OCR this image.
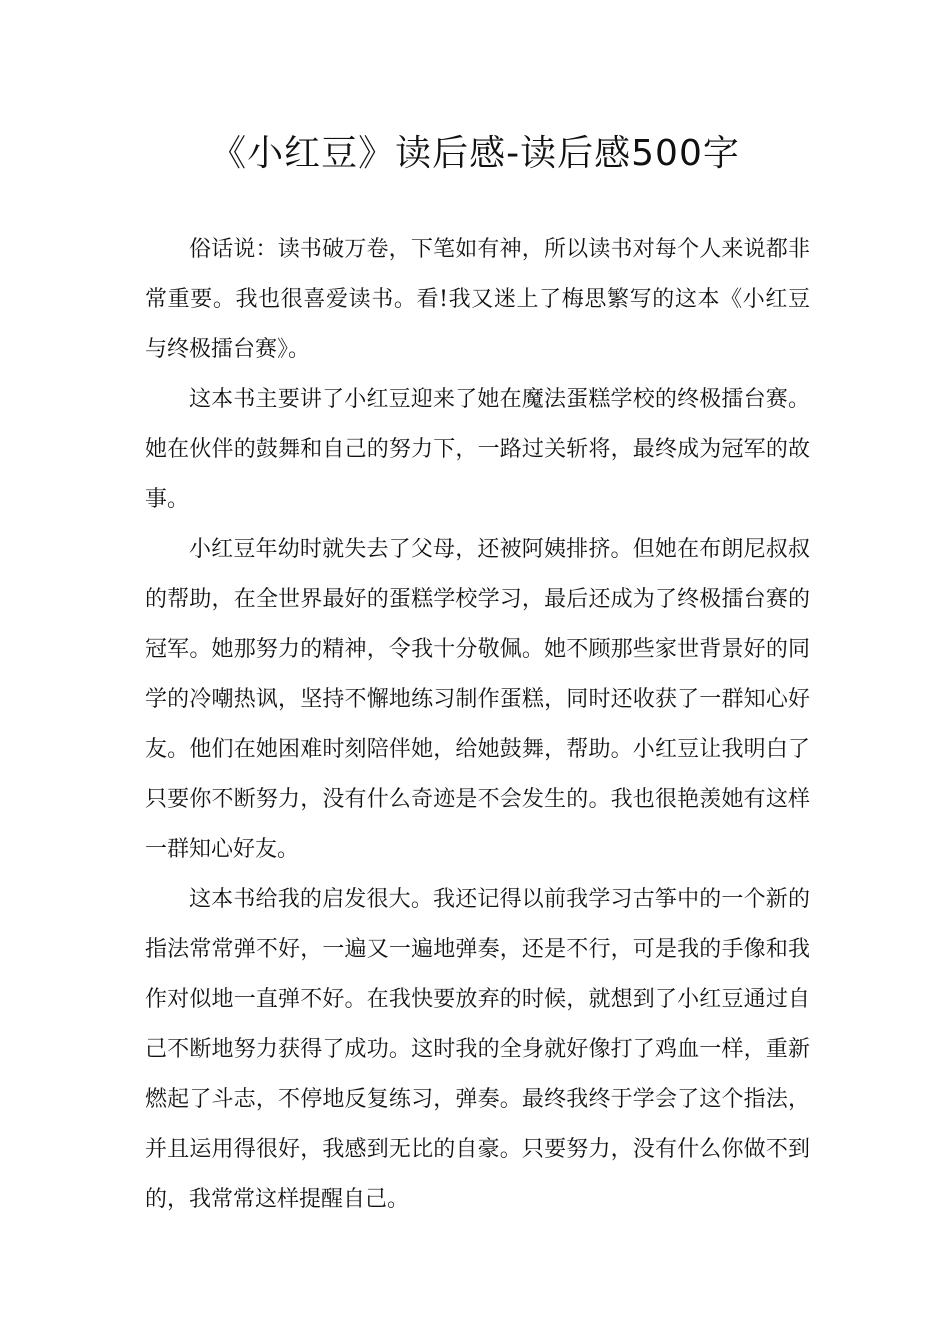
《小红豆》读后感-读后感500字

俗话说：读书破万卷，下笔如有神，所以读书对每个人来说都非常重要。我也很喜爱读书。看!我又迷上了梅思繁写的这本《小红豆与终极擂台赛》。

这本书主要讲了小红豆迎来了她在魔法蛋糕学校的终极擂台赛。她在伙伴的鼓舞和自己的努力下，一路过关斩将，最终成为冠军的故事。

小红豆年幼时就失去了父母，还被阿姨排挤。但她在布朗尼叔叔的帮助，在全世界最好的蛋糕学校学习，最后还成为了终极擂台赛的冠军。她那努力的精神，令我十分敬佩。她不顾那些家世背景好的同学的冷嘲热讽，坚持不懈地练习制作蛋糕，同时还收获了一群知心好友。他们在她困难时刻陪伴她，给她鼓舞，帮助。小红豆让我明白了只要你不断努力，没有什么奇迹是不会发生的。我也很艳羡她有这样一群知心好友。

这本书给我的启发很大。我还记得以前我学习古筝中的一个新的指法常常弹不好，一遍又一遍地弹奏，还是不行，可是我的手像和我作对似地一直弹不好。在我快要放弃的时候，就想到了小红豆通过自己不断地努力获得了成功。这时我的全身就好像打了鸡血一样，重新燃起了斗志，不停地反复练习，弹奏。最终我终于学会了这个指法，并且运用得很好，我感到无比的自豪。只要努力，没有什么你做不到的，我常常这样提醒自己。
